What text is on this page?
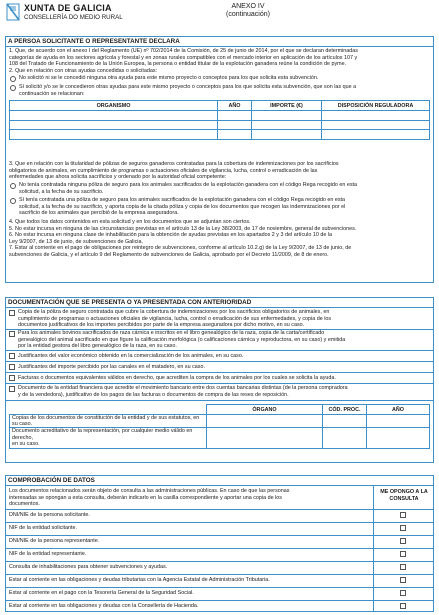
XUNTA DE GALICIA
CONSELLERÍA DO MEDIO RURAL
ANEXO IV
(continuación)
A PERSOA SOLICITANTE O REPRESENTANTE DECLARA
1. Que, de acuerdo con el anexo I del Reglamento (UE) nº 702/2014 de la Comisión, de 25 de junio de 2014, por el que se declaran determinadas
categorías de ayuda en los sectores agrícola y forestal y en zonas rurales compatibles con el mercado interior en aplicación de los artículos 107 y
108 del Tratado de Funcionamiento de la Unión Europea, la persona o entidad titular de la explotación ganadera reúne la condición de pyme.
2. Que en relación con otras ayudas concedidas o solicitadas:
No solicitó ni se le concedió ninguna otra ayuda para este mismo proyecto o conceptos para los que solicita esta subvención.
Sí solicitó y/o se le concedieron otras ayudas para este mismo proyecto o conceptos para los que solicita esta subvención, que son las que a
continuación se relacionan:
ORGANISMO	AÑO	IMPORTE (€)	DISPOSICIÓN REGULADORA

3. Que en relación con la titularidad de pólizas de seguros ganaderos contratadas para la cobertura de indemnizaciones por los sacrificios
obligatorios de animales, en cumplimiento de programas o actuaciones oficiales de vigilancia, lucha, control o erradicación de las
enfermedades que ahora solicita sacrificios y ordenado por la autoridad oficial competente:
No tenía contratada ninguna póliza de seguro para los animales sacrificados de la explotación ganadera con el código Rega recogido en esta
solicitud, a la fecha de su sacrificio.
Sí tenía contratada una póliza de seguro para los animales sacrificados de la explotación ganadera con el código Rega recogido en esta
solicitud, a la fecha de su sacrificio, y aporta copia de la citada póliza y copia de los documentos que recogen las indemnizaciones por el
sacrificio de los animales que percibió de la empresa aseguradora.
4. Que todos los datos contenidos en esta solicitud y en los documentos que se adjuntan son ciertos.
5. No estar incursa en ninguna de las circunstancias previstas en el artículo 13 de la Ley 38/2003, de 17 de noviembre, general de subvenciones.
6. No estar incursa en ninguna clase de inhabilitación para la obtención de ayudas previstas en los apartados 2 y 3 del artículo 10 de la
Ley 9/2007, de 13 de junio, de subvenciones de Galicia.
7. Estar al corriente en el pago de obligaciones por reintegro de subvenciones, conforme al artículo 10.2.g) de la Ley 9/2007, de 13 de junio, de
subvenciones de Galicia, y el artículo 9 del Reglamento de subvenciones de Galicia, aprobado por el Decreto 11/2009, de 8 de enero.
DOCUMENTACIÓN QUE SE PRESENTA O YA PRESENTADA CON ANTERIORIDAD
Copia de la póliza de seguro contratada que cubre la cobertura de indemnizaciones por los sacrificios obligatorios de animales, en
cumplimiento de programas o actuaciones oficiales de vigilancia, lucha, control o erradicación de sus enfermedades, y copia de los
documentos justificativos de los importes percibidos por parte de la empresa aseguradora por dicho motivo, en su caso.
Para los animales bovinos sacrificados de raza cárnica e inscritos en el libro genealógico de la raza, copia de la carta/certificado
genealógico del animal sacrificado en que figure la calificación morfológica (o calificaciones cárnica y reproductora, en su caso) y emitida
por la entidad gestora del libro genealógico de la raza, en su caso.
Justificantes del valor económico obtenido en la comercialización de los animales, en su caso.
Justificantes del importe percibido por las canales en el matadero, en su caso.
Facturas o documentos equivalentes válidos en derecho, que acrediten la compra de los animales por los cuales se solicita la ayuda.
Documento de la entidad financiera que acredite el movimiento bancario entre dos cuentas bancarias distintas (de la persona compradora
y de la vendedora), justificativo de los pagos de las facturas o documentos de compra de las reses de reposición.
	ÓRGANO	CÓD. PROC.	AÑO
Copias de los documentos de constitución de la entidad y de sus estatutos, en su caso.			

Documento acreditativo de la representación, por cualquier medio válido en derecho,
en su caso.			

COMPROBACIÓN DE DATOS
Los documentos relacionados serán objeto de consulta a las administraciones públicas. En caso de que las personas
interesadas se opongan a esta consulta, deberán indicarlo en la casilla correspondiente y aportar una copia de los
documentos.
ME OPONGO A LA
CONSULTA
DNI/NIE de la persona solicitante.
NIF de la entidad solicitante.
DNI/NIE de la persona representante.
NIF de la entidad representante.
Consulta de inhabilitaciones para obtener subvenciones y ayudas.
Estar al corriente en las obligaciones y deudas tributarias con la Agencia Estatal de Administración Tributaria.
Estar al corriente en el pago con la Tesorería General de la Seguridad Social.
Estar al corriente en las obligaciones y deudas con la Consellería de Hacienda.
